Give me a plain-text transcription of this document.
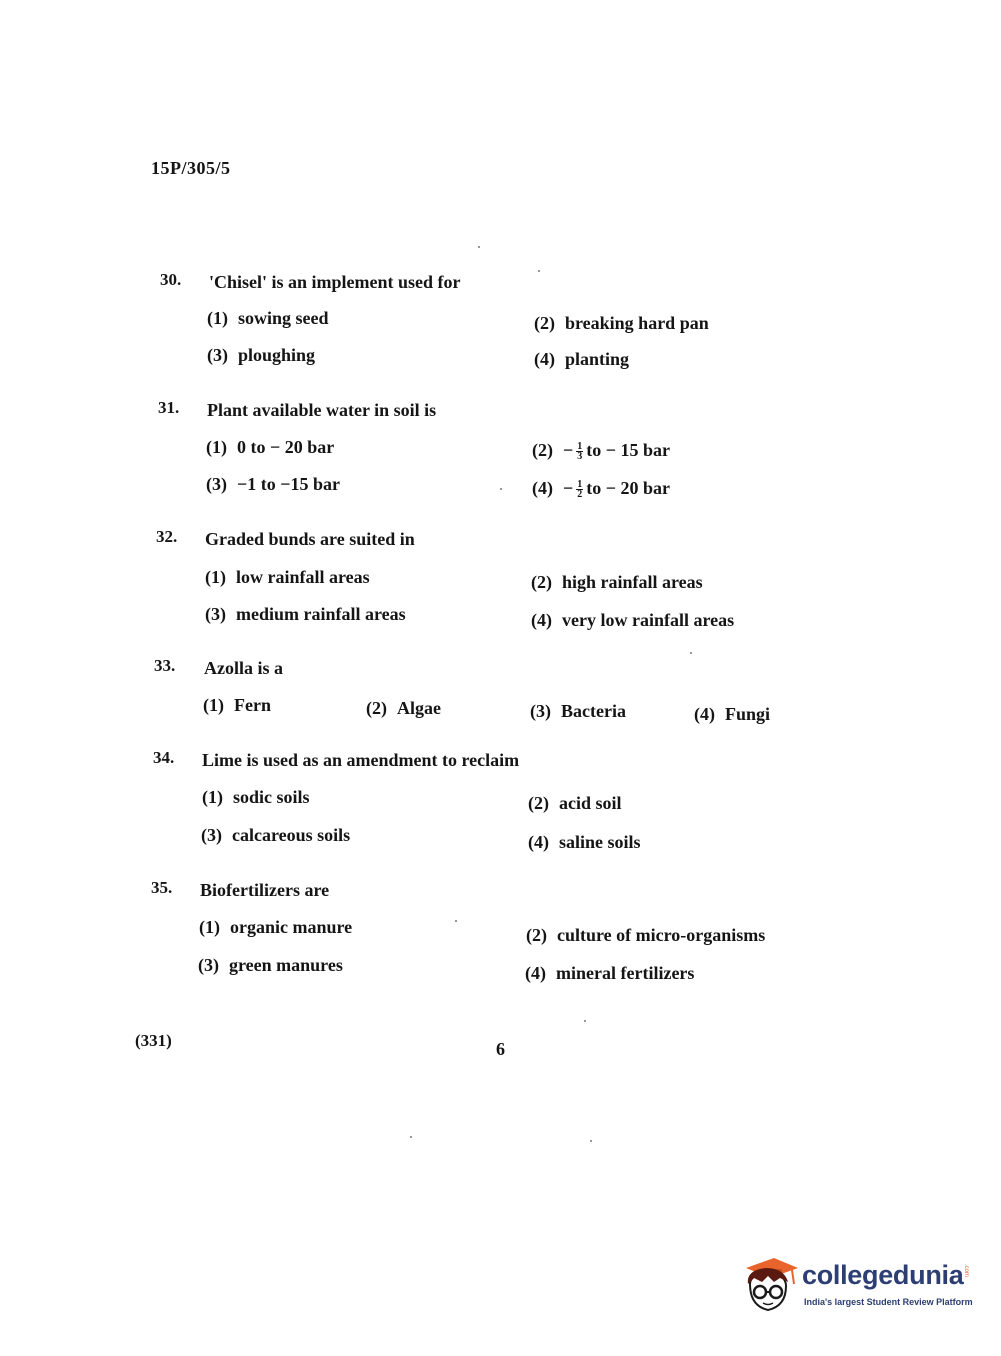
15P/305/5
30. 'Chisel' is an implement used for
(1) sowing seed	(2) breaking hard pan
(3) ploughing	(4) planting
31. Plant available water in soil is
(1) 0 to − 20 bar	$(2) - \frac{1}{3}$ to − 15 bar
(3) −1 to −15 bar	$(4) - \frac{1}{2}$ to − 20 bar
32. Graded bunds are suited in
(1) low rainfall areas	(2) high rainfall areas
(3) medium rainfall areas	(4) very low rainfall areas
33. Azolla is a
(1) Fern	(2) Algae	(3) Bacteria	(4) Fungi
34. Lime is used as an amendment to reclaim
(1) sodic soils	(2) acid soil
(3) calcareous soils	(4) saline soils
35. Biofertilizers are
(1) organic manure	(2) culture of micro-organisms
(3) green manures	(4) mineral fertilizers
(331)	6
collegedunia .com
India's largest Student Review Platform
